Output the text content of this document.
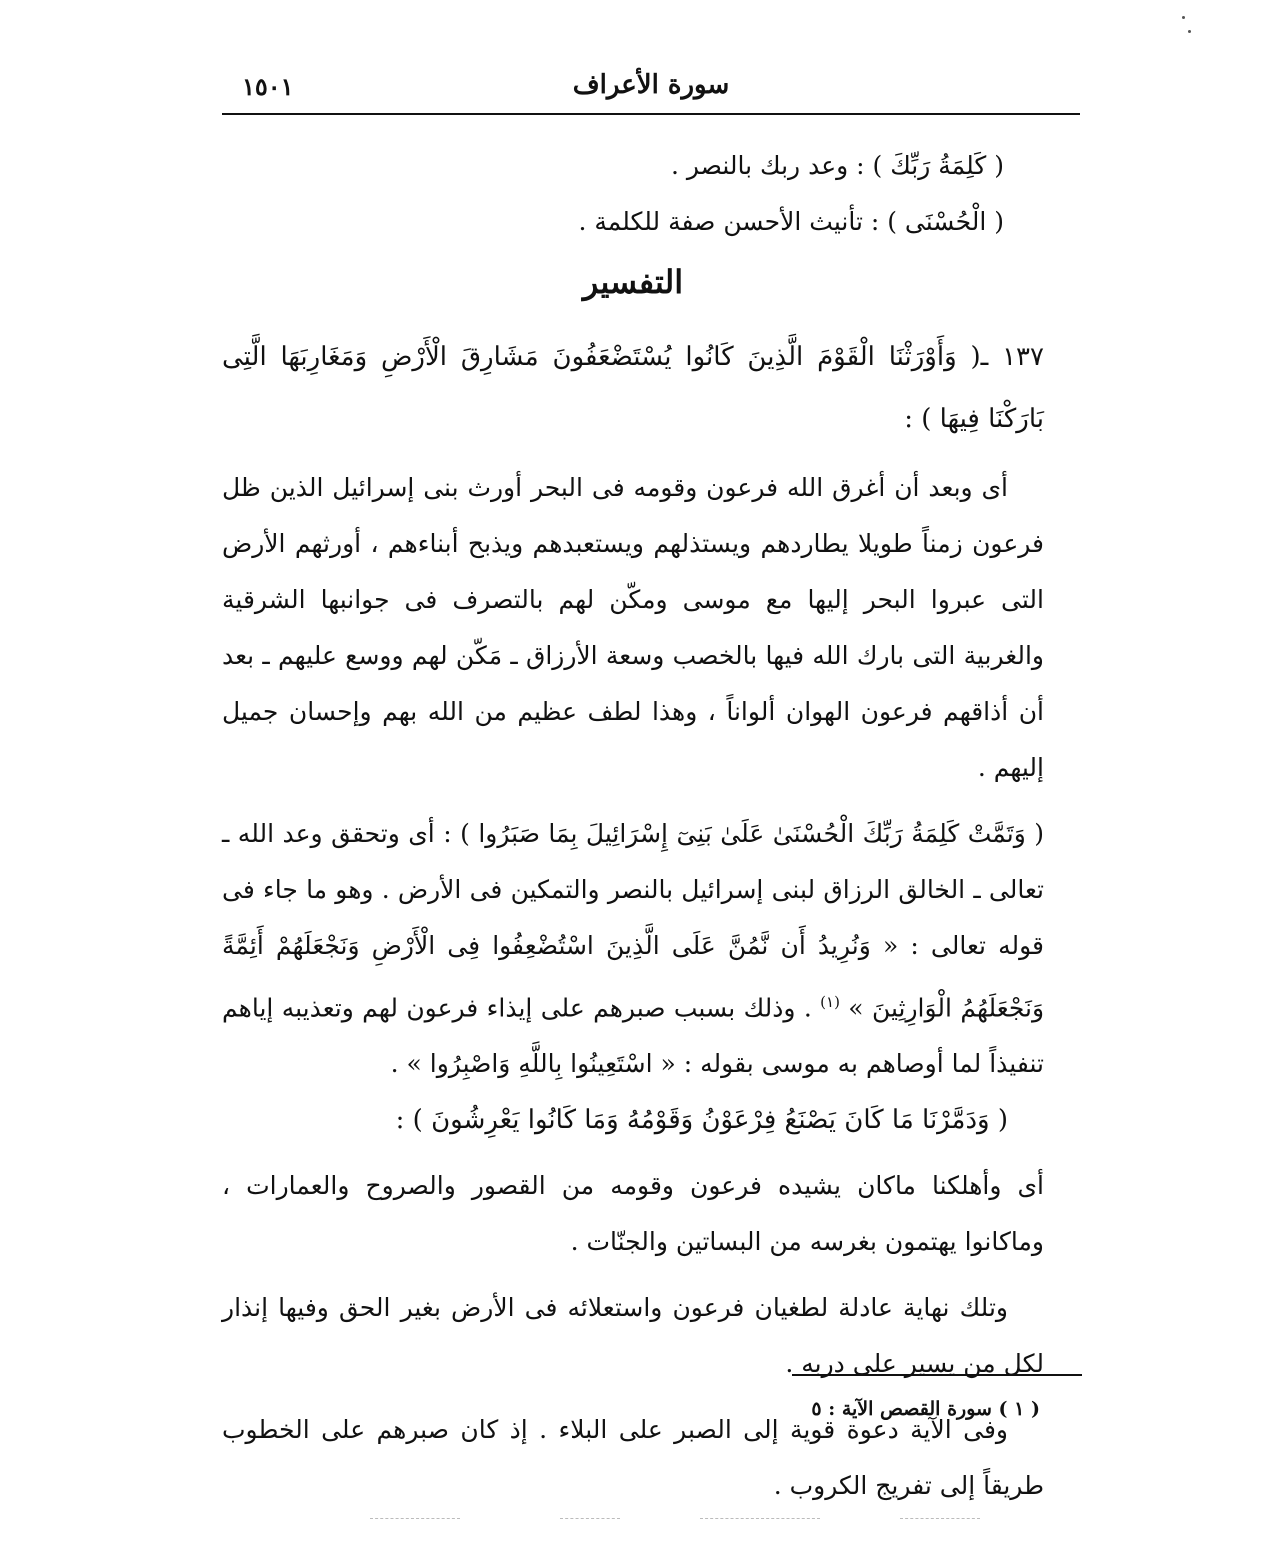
سورة الأعراف
١٥٠١

( كَلِمَةُ رَبِّكَ ) : وعد ربك بالنصر .

( الْحُسْنَى ) : تأنيث الأحسن صفة للكلمة .

التفسير

١٣٧ ـ( وَأَوْرَثْنَا الْقَوْمَ الَّذِينَ كَانُوا يُسْتَضْعَفُونَ مَشَارِقَ الْأَرْضِ وَمَغَارِبَهَا الَّتِى بَارَكْنَا فِيهَا ) :

أى وبعد أن أغرق الله فرعون وقومه فى البحر أورث بنى إسرائيل الذين ظل فرعون زمناً طويلا يطاردهم ويستذلهم ويستعبدهم ويذبح أبناءهم ، أورثهم الأرض التى عبروا البحر إليها مع موسى ومكّن لهم بالتصرف فى جوانبها الشرقية والغربية التى بارك الله فيها بالخصب وسعة الأرزاق ـ مَكّن لهم ووسع عليهم ـ بعد أن أذاقهم فرعون الهوان ألواناً ، وهذا لطف عظيم من الله بهم وإحسان جميل إليهم .

( وَتَمَّتْ كَلِمَةُ رَبِّكَ الْحُسْنَىٰ عَلَىٰ بَنِىٓ إِسْرَائِيلَ بِمَا صَبَرُوا ) : أى وتحقق وعد الله ـ تعالى ـ الخالق الرزاق لبنى إسرائيل بالنصر والتمكين فى الأرض . وهو ما جاء فى قوله تعالى : « وَنُرِيدُ أَن نَّمُنَّ عَلَى الَّذِينَ اسْتُضْعِفُوا فِى الْأَرْضِ وَنَجْعَلَهُمْ أَئِمَّةً وَنَجْعَلَهُمُ الْوَارِثِينَ » $^{(١)}$ . وذلك بسبب صبرهم على إيذاء فرعون لهم وتعذيبه إياهم تنفيذاً لما أوصاهم به موسى بقوله : « اسْتَعِينُوا بِاللَّهِ وَاصْبِرُوا » .

( وَدَمَّرْنَا مَا كَانَ يَصْنَعُ فِرْعَوْنُ وَقَوْمُهُ وَمَا كَانُوا يَعْرِشُونَ ) :

أى وأهلكنا ماكان يشيده فرعون وقومه من القصور والصروح والعمارات ، وماكانوا يهتمون بغرسه من البساتين والجنّات .

وتلك نهاية عادلة لطغيان فرعون واستعلائه فى الأرض بغير الحق وفيها إنذار لكل من يسير على دربه .

وفى الآية دعوة قوية إلى الصبر على البلاء . إذ كان صبرهم على الخطوب طريقاً إلى تفريج الكروب .

( ١ ) سورة القصص الآية : ٥
